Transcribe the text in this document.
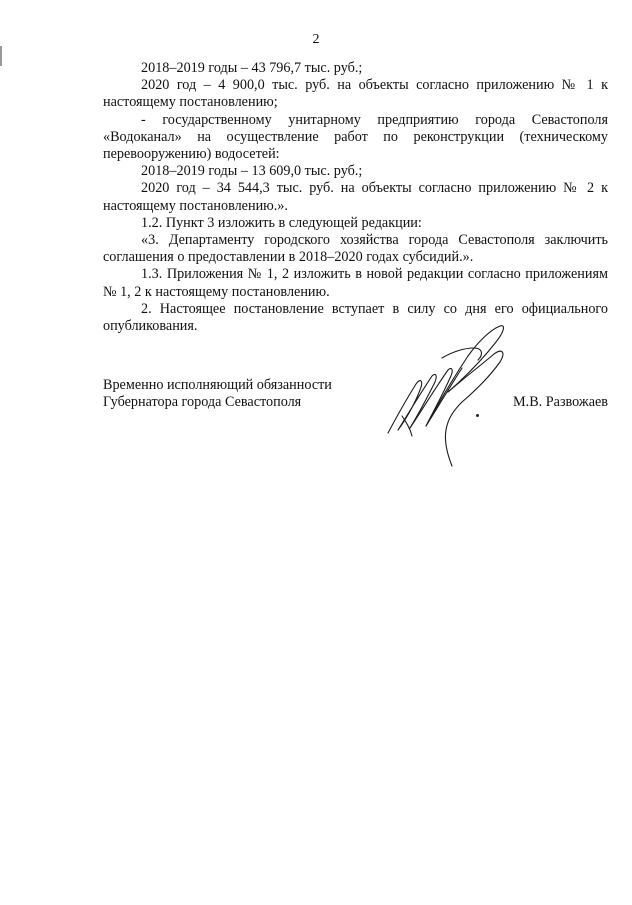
2

2018–2019 годы – 43 796,7 тыс. руб.;

2020 год – 4 900,0 тыс. руб. на объекты согласно приложению № 1 к настоящему постановлению;

- государственному унитарному предприятию города Севастополя «Водоканал» на осуществление работ по реконструкции (техническому перевооружению) водосетей:

2018–2019 годы – 13 609,0 тыс. руб.;

2020 год – 34 544,3 тыс. руб. на объекты согласно приложению № 2 к настоящему постановлению.».

1.2. Пункт 3 изложить в следующей редакции:

«3. Департаменту городского хозяйства города Севастополя заключить соглашения о предоставлении в 2018–2020 годах субсидий.».

1.3. Приложения № 1, 2 изложить в новой редакции согласно приложениям № 1, 2 к настоящему постановлению.

2. Настоящее постановление вступает в силу со дня его официального опубликования.

Временно исполняющий обязанности
Губернатора города Севастополя	М.В. Развожаев
